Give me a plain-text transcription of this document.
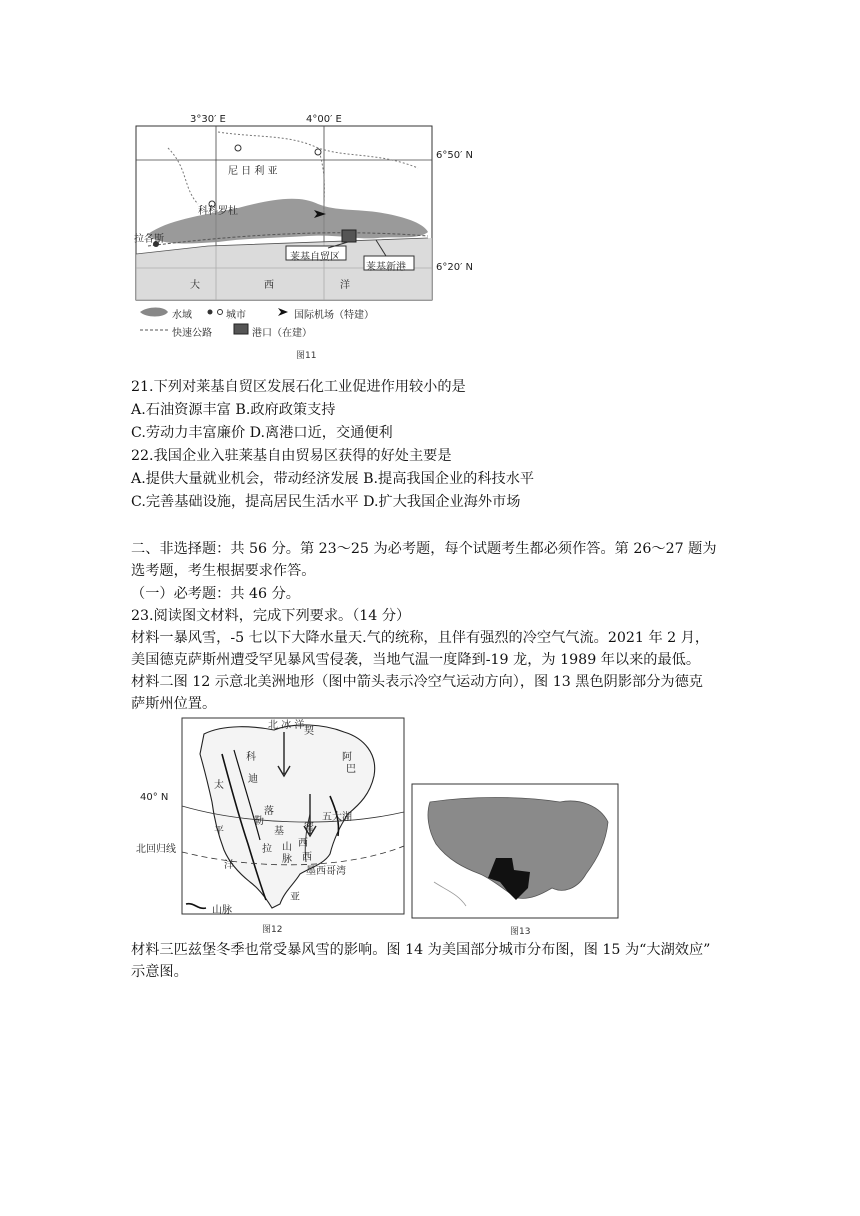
3°30′ E	4°00′ E
6°50′ N
6°20′ N
尼 日 利 亚
科科罗杜
拉各斯
莱基自贸区
莱基新港
大	西	洋
水域	城市	国际机场（特建）
快速公路	港口（在建）
图11
21.下列对莱基自贸区发展石化工业促进作用较小的是
A.石油资源丰富 B.政府政策支持
C.劳动力丰富廉价 D.离港口近，交通便利
22.我国企业入驻莱基自由贸易区获得的好处主要是
A.提供大量就业机会，带动经济发展 B.提高我国企业的科技水平
C.完善基础设施，提高居民生活水平 D.扩大我国企业海外市场
二、非选择题：共 56 分。第 23～25 为必考题，每个试题考生都必须作答。第 26～27 题为
选考题，考生根据要求作答。
（一）必考题：共 46 分。
23.阅读图文材料，完成下列要求。（14 分）
材料一暴风雪，-5 七以下大降水量天.气的统称，且伴有强烈的冷空气气流。2021 年 2 月，
美国德克萨斯州遭受罕见暴风雪侵袭，当地气温一度降到-19 龙，为 1989 年以来的最低。
材料二图 12 示意北美洲地形（图中箭头表示冷空气运动方向），图 13 黑色阴影部分为德克
萨斯州位置。
北 冰 洋
太
平
洋
科
迪
勒
40° N
北回归线
落
基
山
脉
拉
阿
巴
五大湖
密
西
西
墨西哥湾
契
亚
山脉
图12	图13
材料三匹兹堡冬季也常受暴风雪的影响。图 14 为美国部分城市分布图，图 15 为“大湖效应”
示意图。
